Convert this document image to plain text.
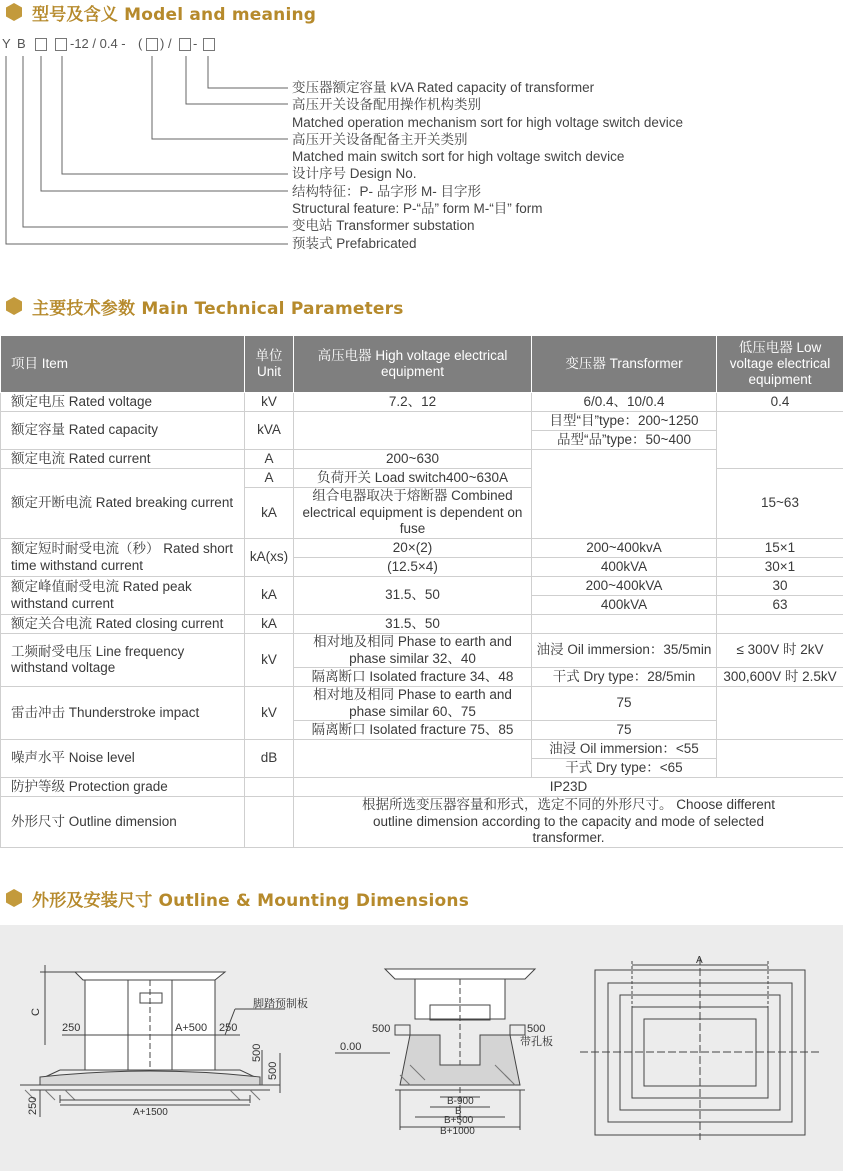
型号及含义 Model and meaning
Y B	-12 / 0.4 - ( ) / -
变压器额定容量 kVA Rated capacity of transformer
高压开关设备配用操作机构类别
Matched operation mechanism sort for high voltage switch device
高压开关设备配备主开关类别
Matched main switch sort for high voltage switch device
设计序号 Design No.
结构特征：P- 品字形 M- 目字形
Structural feature: P-“品” form M-“目” form
变电站 Transformer substation
预装式 Prefabricated
主要技术参数 Main Technical Parameters
项目 Item	单位 Unit	高压电器 High voltage electrical equipment	变压器 Transformer	低压电器 Low voltage electrical equipment
额定电压 Rated voltage	kV	7.2、12	6/0.4、10/0.4	0.4
额定容量 Rated capacity	kVA		目型“目”type：200~1250	
			品型“品”type：50~400	
额定电流 Rated current	A	200~630		
额定开断电流 Rated breaking current	A	负荷开关 Load switch400~630A		15~63
	kA	组合电器取决于熔断器 Combined electrical equipment is dependent on fuse		
额定短时耐受电流（秒） Rated short time withstand current	kA(xs)	20×(2)	200~400kvA	15×1
		(12.5×4)	400kVA	30×1
额定峰值耐受电流 Rated peak withstand current	kA	31.5、50	200~400kVA	30
			400kVA	63
额定关合电流 Rated closing current	kA	31.5、50		
工频耐受电压 Line frequency withstand voltage	kV	相对地及相同 Phase to earth and phase similar 32、40	油浸 Oil immersion：35/5min	≤ 300V 时 2kV
		隔离断口 Isolated fracture 34、48	干式 Dry type：28/5min	300,600V 时 2.5kV
雷击冲击 Thunderstroke impact	kV	相对地及相同 Phase to earth and phase similar 60、75	75	
		隔离断口 Isolated fracture 75、85	75	
噪声水平 Noise level	dB		油浸 Oil immersion：<55	
			干式 Dry type：<65	
防护等级 Protection grade		IP23D		
外形尺寸 Outline dimension		根据所选变压器容量和形式，选定不同的外形尺寸。 Choose different outline dimension according to the capacity and mode of selected transformer.		
外形及安装尺寸 Outline & Mounting Dimensions
C
250	A+500 250
脚踏预制板
500
500
0.00
250	A+1500
500	500
带孔板
B-900
B
B+500
B+1000
A
